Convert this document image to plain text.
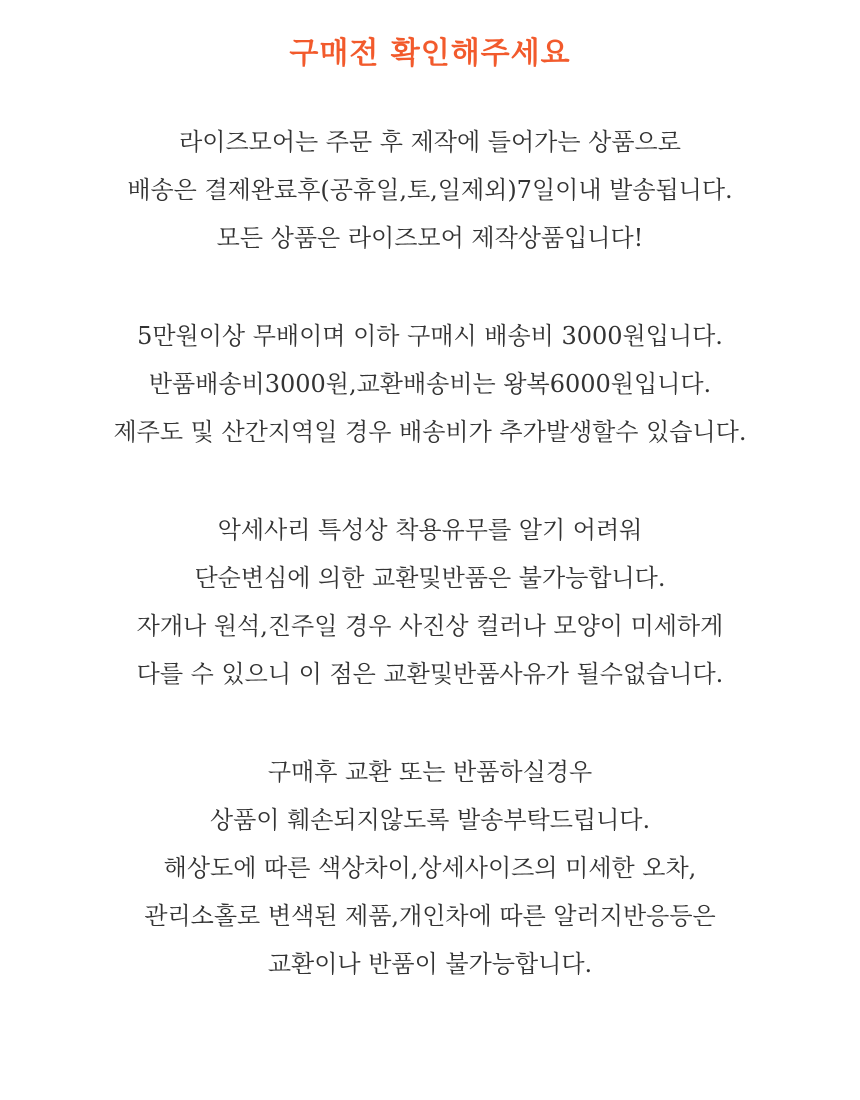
구매전 확인해주세요
라이즈모어는 주문 후 제작에 들어가는 상품으로
배송은 결제완료후(공휴일,토,일제외)7일이내 발송됩니다.
모든 상품은 라이즈모어 제작상품입니다!
5만원이상 무배이며 이하 구매시 배송비 3000원입니다.
반품배송비3000원,교환배송비는 왕복6000원입니다.
제주도 및 산간지역일 경우 배송비가 추가발생할수 있습니다.
악세사리 특성상 착용유무를 알기 어려워
단순변심에 의한 교환및반품은 불가능합니다.
자개나 원석,진주일 경우 사진상 컬러나 모양이 미세하게
다를 수 있으니 이 점은 교환및반품사유가 될수없습니다.
구매후 교환 또는 반품하실경우
상품이 훼손되지않도록 발송부탁드립니다.
해상도에 따른 색상차이,상세사이즈의 미세한 오차,
관리소홀로 변색된 제품,개인차에 따른 알러지반응등은
교환이나 반품이 불가능합니다.
